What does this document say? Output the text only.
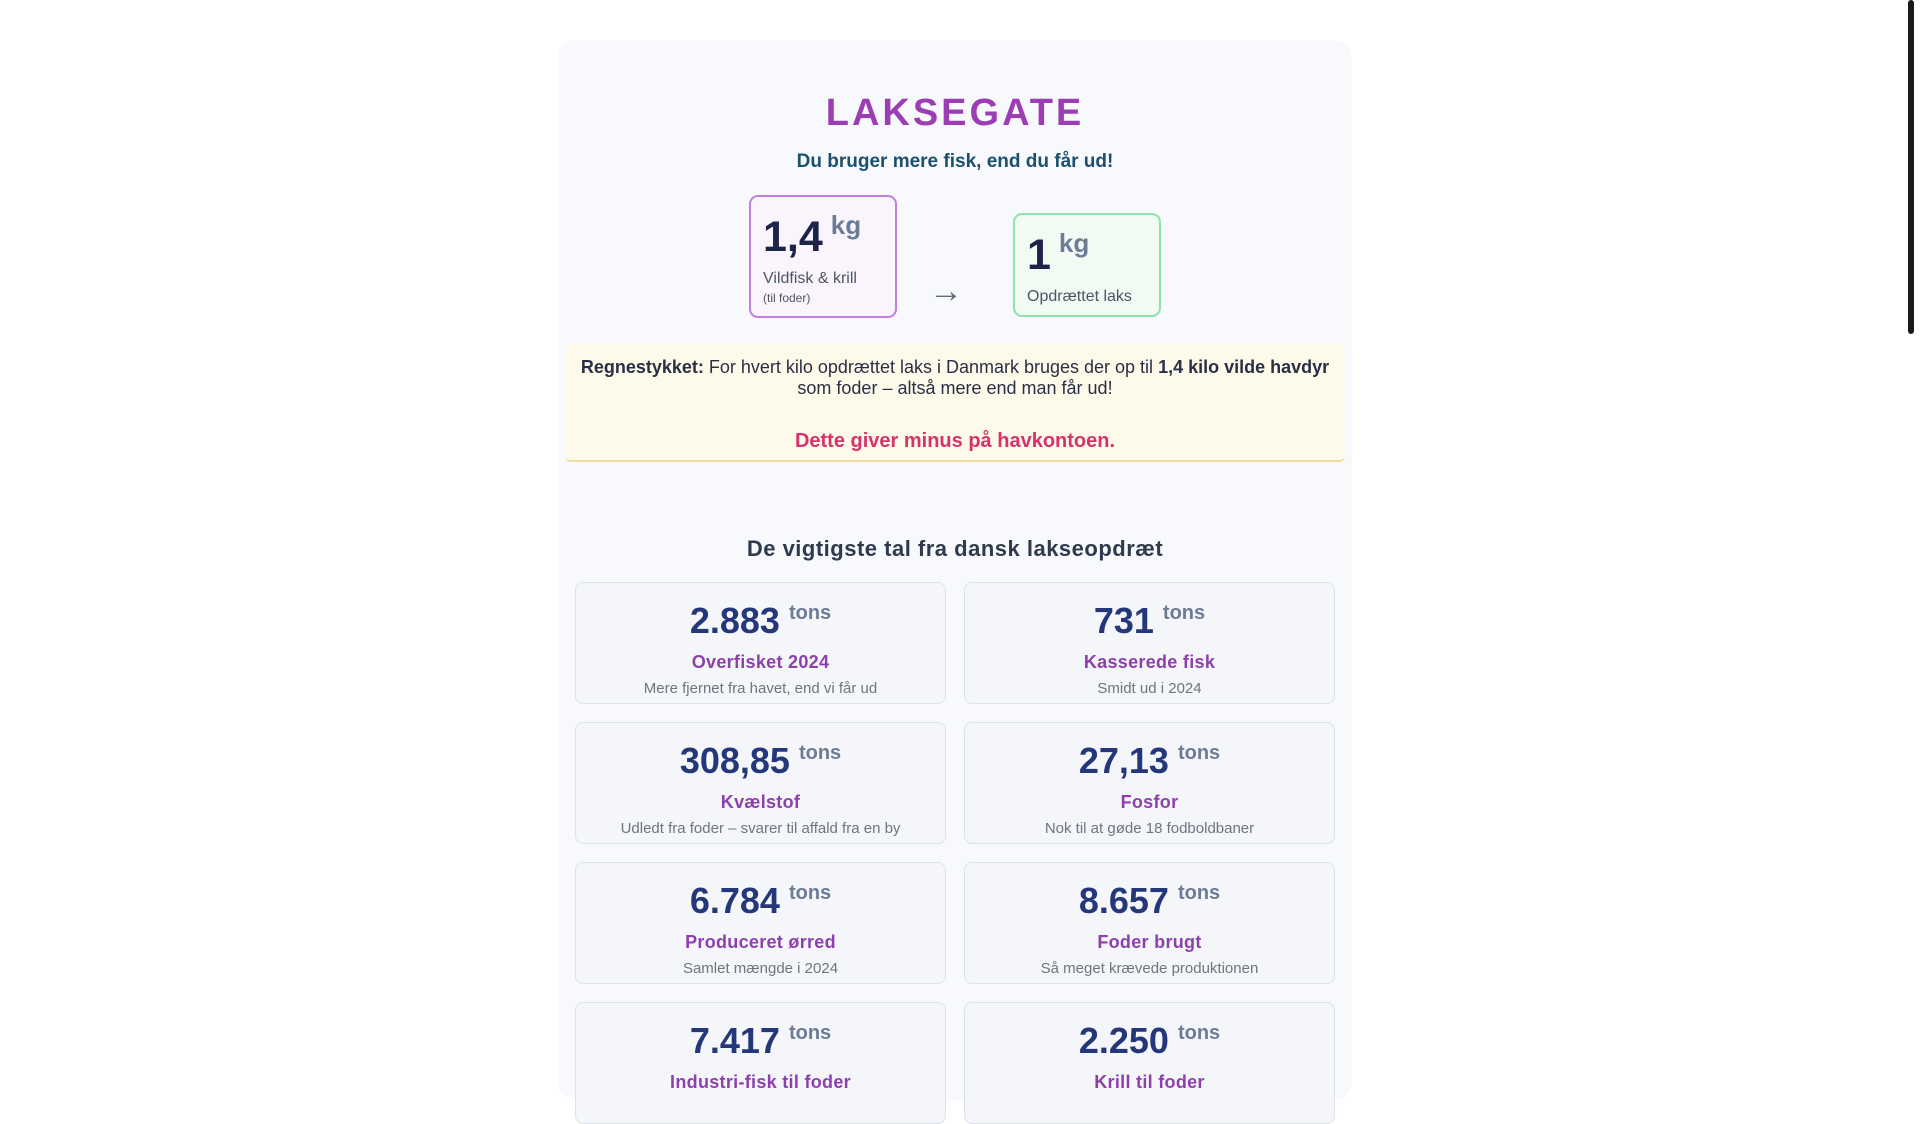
LAKSEGATE
Du bruger mere fisk, end du får ud!
1,4 kg
Vildfisk & krill
(til foder)	→
1 kg
Opdrættet laks
Regnestykket: For hvert kilo opdrættet laks i Danmark bruges der op til 1,4 kilo vilde havdyr som foder – altså mere end man får ud!
Dette giver minus på havkontoen.
De vigtigste tal fra dansk lakseopdræt
2.883 tons
Overfisket 2024
Mere fjernet fra havet, end vi får ud
731 tons
Kasserede fisk
Smidt ud i 2024
308,85 tons
Kvælstof
Udledt fra foder – svarer til affald fra en by
27,13 tons
Fosfor
Nok til at gøde 18 fodboldbaner
6.784 tons
Produceret ørred
Samlet mængde i 2024
8.657 tons
Foder brugt
Så meget krævede produktionen
7.417 tons
Industri-fisk til foder
2.250 tons
Krill til foder
